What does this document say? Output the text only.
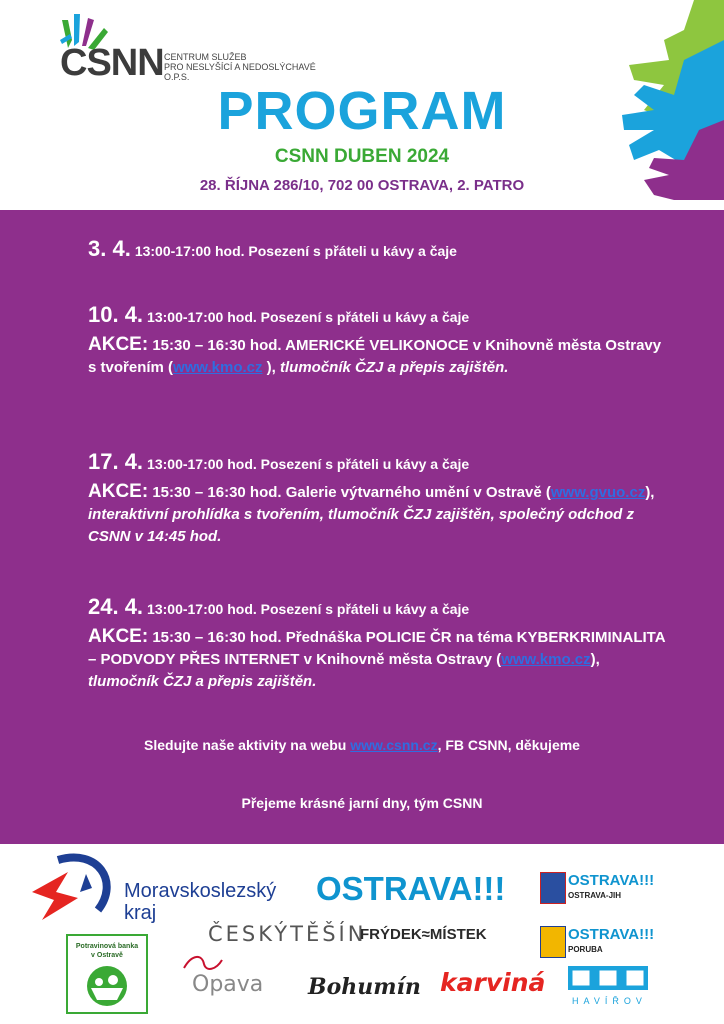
CSNN CENTRUM SLUŽEB
PRO NESLYŠÍCÍ A NEDOSLÝCHAVÉ
O.P.S.
PROGRAM
CSNN DUBEN 2024
28. ŘÍJNA 286/10, 702 00 OSTRAVA, 2. PATRO
3. 4. 13:00-17:00 hod. Posezení s přáteli u kávy a čaje
10. 4. 13:00-17:00 hod. Posezení s přáteli u kávy a čaje
AKCE: 15:30 – 16:30 hod. AMERICKÉ VELIKONOCE v Knihovně města Ostravy s tvořením (www.kmo.cz ), tlumočník ČZJ a přepis zajištěn.
17. 4. 13:00-17:00 hod. Posezení s přáteli u kávy a čaje
AKCE: 15:30 – 16:30 hod. Galerie výtvarného umění v Ostravě (www.gvuo.cz), interaktivní prohlídka s tvořením, tlumočník ČZJ zajištěn, společný odchod z CSNN v 14:45 hod.
24. 4. 13:00-17:00 hod. Posezení s přáteli u kávy a čaje
AKCE: 15:30 – 16:30 hod. Přednáška POLICIE ČR na téma KYBERKRIMINALITA – PODVODY PŘES INTERNET v Knihovně města Ostravy (www.kmo.cz), tlumočník ČZJ a přepis zajištěn.
Sledujte naše aktivity na webu www.csnn.cz, FB CSNN, děkujeme
Přejeme krásné jarní dny, tým CSNN
Moravskoslezský
kraj
OSTRAVA!!!	OSTRAVA!!!
OSTRAVA-JIH
ČESKÝTĚŠÍN
FRÝDEK≈MÍSTEK	OSTRAVA!!!
PORUBA
Potravinová banka
v Ostravě
Opava Bohumín karviná
HAVÍŘOV
